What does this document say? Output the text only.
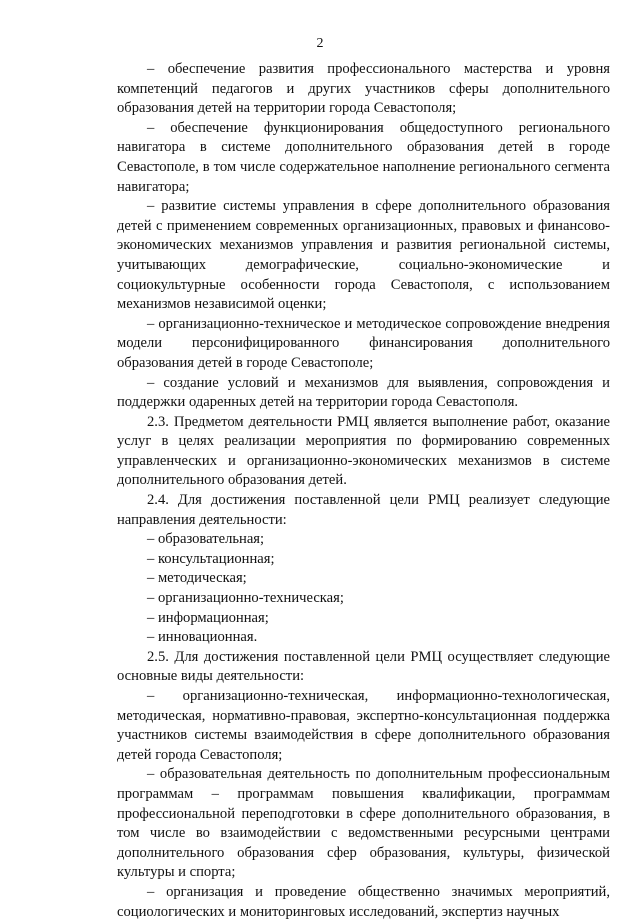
2

– обеспечение развития профессионального мастерства и уровня компетенций педагогов и других участников сферы дополнительного образования детей на территории города Севастополя;

– обеспечение функционирования общедоступного регионального навигатора в системе дополнительного образования детей в городе Севастополе, в том числе содержательное наполнение регионального сегмента навигатора;

– развитие системы управления в сфере дополнительного образования детей с применением современных организационных, правовых и финансово-экономических механизмов управления и развития региональной системы, учитывающих демографические, социально-экономические и социокультурные особенности города Севастополя, с использованием механизмов независимой оценки;

– организационно-техническое и методическое сопровождение внедрения модели персонифицированного финансирования дополнительного образования детей в городе Севастополе;

– создание условий и механизмов для выявления, сопровождения и поддержки одаренных детей на территории города Севастополя.

2.3. Предметом деятельности РМЦ является выполнение работ, оказание услуг в целях реализации мероприятия по формированию современных управленческих и организационно-экономических механизмов в системе дополнительного образования детей.

2.4. Для достижения поставленной цели РМЦ реализует следующие направления деятельности:

– образовательная;

– консультационная;

– методическая;

– организационно-техническая;

– информационная;

– инновационная.

2.5. Для достижения поставленной цели РМЦ осуществляет следующие основные виды деятельности:

– организационно-техническая, информационно-технологическая, методическая, нормативно-правовая, экспертно-консультационная поддержка участников системы взаимодействия в сфере дополнительного образования детей города Севастополя;

– образовательная деятельность по дополнительным профессиональным программам – программам повышения квалификации, программам профессиональной переподготовки в сфере дополнительного образования, в том числе во взаимодействии с ведомственными ресурсными центрами дополнительного образования сфер образования, культуры, физической культуры и спорта;

– организация и проведение общественно значимых мероприятий, социологических и мониторинговых исследований, экспертиз научных
